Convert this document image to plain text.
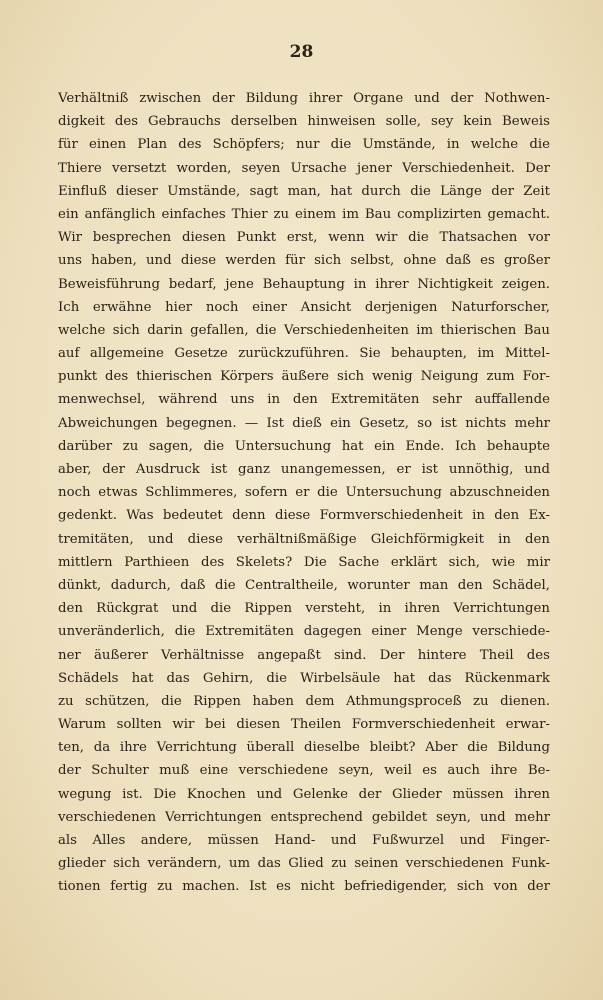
28
Verhältniß zwischen der Bildung ihrer Organe und der Nothwen-
digkeit des Gebrauchs derselben hinweisen solle, sey kein Beweis
für einen Plan des Schöpfers; nur die Umstände, in welche die
Thiere versetzt worden, seyen Ursache jener Verschiedenheit. Der
Einfluß dieser Umstände, sagt man, hat durch die Länge der Zeit
ein anfänglich einfaches Thier zu einem im Bau complizirten gemacht.
Wir besprechen diesen Punkt erst, wenn wir die Thatsachen vor
uns haben, und diese werden für sich selbst, ohne daß es großer
Beweisführung bedarf, jene Behauptung in ihrer Nichtigkeit zeigen.
Ich erwähne hier noch einer Ansicht derjenigen Naturforscher,
welche sich darin gefallen, die Verschiedenheiten im thierischen Bau
auf allgemeine Gesetze zurückzuführen. Sie behaupten, im Mittel-
punkt des thierischen Körpers äußere sich wenig Neigung zum For-
menwechsel, während uns in den Extremitäten sehr auffallende
Abweichungen begegnen. — Ist dieß ein Gesetz, so ist nichts mehr
darüber zu sagen, die Untersuchung hat ein Ende. Ich behaupte
aber, der Ausdruck ist ganz unangemessen, er ist unnöthig, und
noch etwas Schlimmeres, sofern er die Untersuchung abzuschneiden
gedenkt. Was bedeutet denn diese Formverschiedenheit in den Ex-
tremitäten, und diese verhältnißmäßige Gleichförmigkeit in den
mittlern Parthieen des Skelets? Die Sache erklärt sich, wie mir
dünkt, dadurch, daß die Centraltheile, worunter man den Schädel,
den Rückgrat und die Rippen versteht, in ihren Verrichtungen
unveränderlich, die Extremitäten dagegen einer Menge verschiede-
ner äußerer Verhältnisse angepaßt sind. Der hintere Theil des
Schädels hat das Gehirn, die Wirbelsäule hat das Rückenmark
zu schützen, die Rippen haben dem Athmungsproceß zu dienen.
Warum sollten wir bei diesen Theilen Formverschiedenheit erwar-
ten, da ihre Verrichtung überall dieselbe bleibt? Aber die Bildung
der Schulter muß eine verschiedene seyn, weil es auch ihre Be-
wegung ist. Die Knochen und Gelenke der Glieder müssen ihren
verschiedenen Verrichtungen entsprechend gebildet seyn, und mehr
als Alles andere, müssen Hand- und Fußwurzel und Finger-
glieder sich verändern, um das Glied zu seinen verschiedenen Funk-
tionen fertig zu machen. Ist es nicht befriedigender, sich von der
